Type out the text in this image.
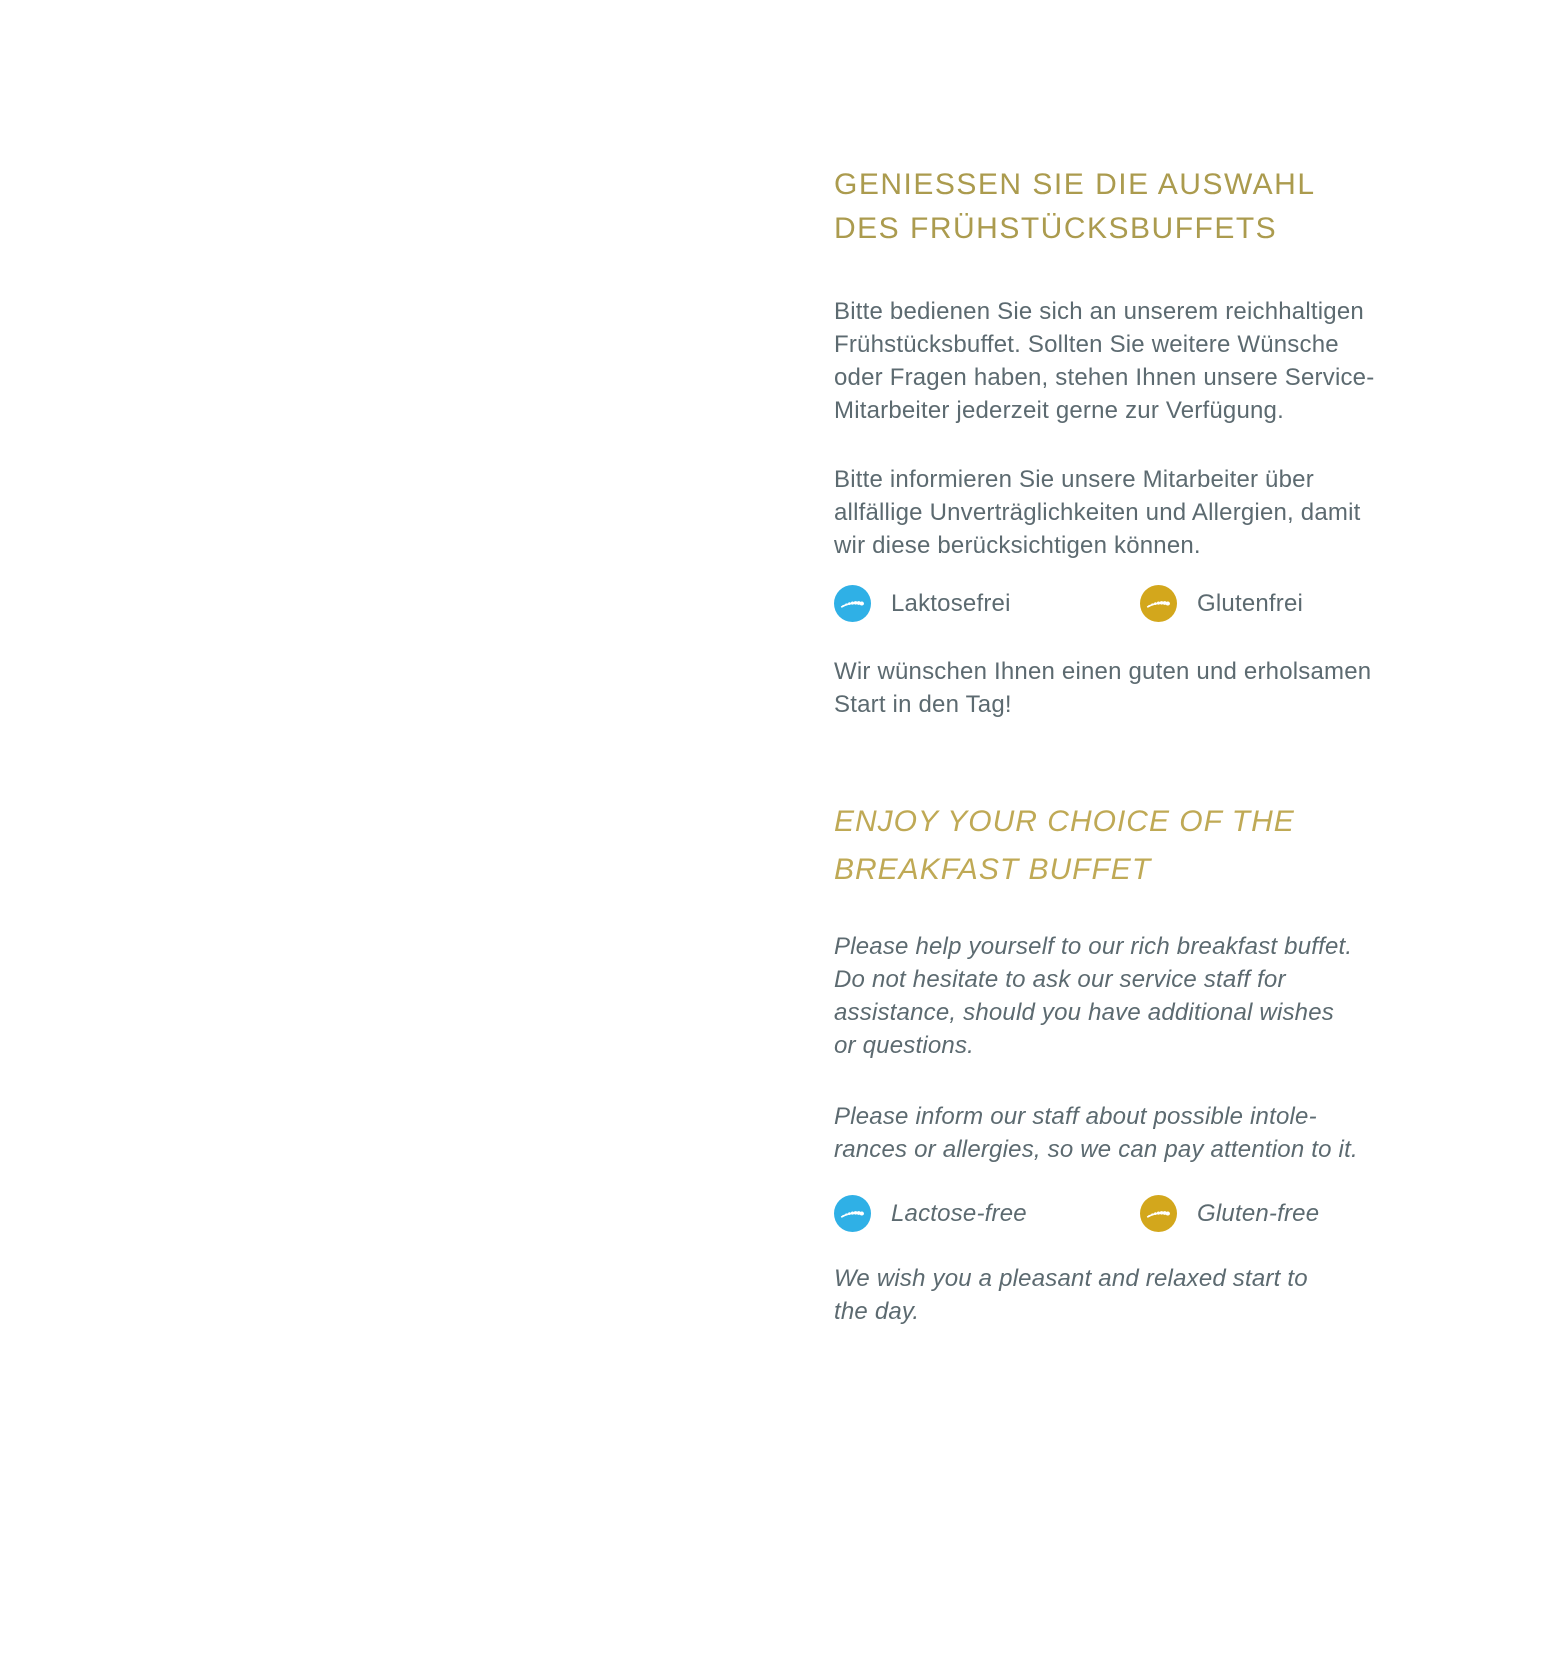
GENIESSEN SIE DIE AUSWAHL
DES FRÜHSTÜCKSBUFFETS
Bitte bedienen Sie sich an unserem reichhaltigen
Frühstücksbuffet. Sollten Sie weitere Wünsche
oder Fragen haben, stehen Ihnen unsere Service-
Mitarbeiter jederzeit gerne zur Verfügung.
Bitte informieren Sie unsere Mitarbeiter über
allfällige Unverträglichkeiten und Allergien, damit
wir diese berücksichtigen können.
Laktosefrei	Glutenfrei
Wir wünschen Ihnen einen guten und erholsamen
Start in den Tag!
ENJOY YOUR CHOICE OF THE
BREAKFAST BUFFET
Please help yourself to our rich breakfast buffet.
Do not hesitate to ask our service staff for
assistance, should you have additional wishes
or questions.
Please inform our staff about possible intole-
rances or allergies, so we can pay attention to it.
Lactose-free	Gluten-free
We wish you a pleasant and relaxed start to
the day.
